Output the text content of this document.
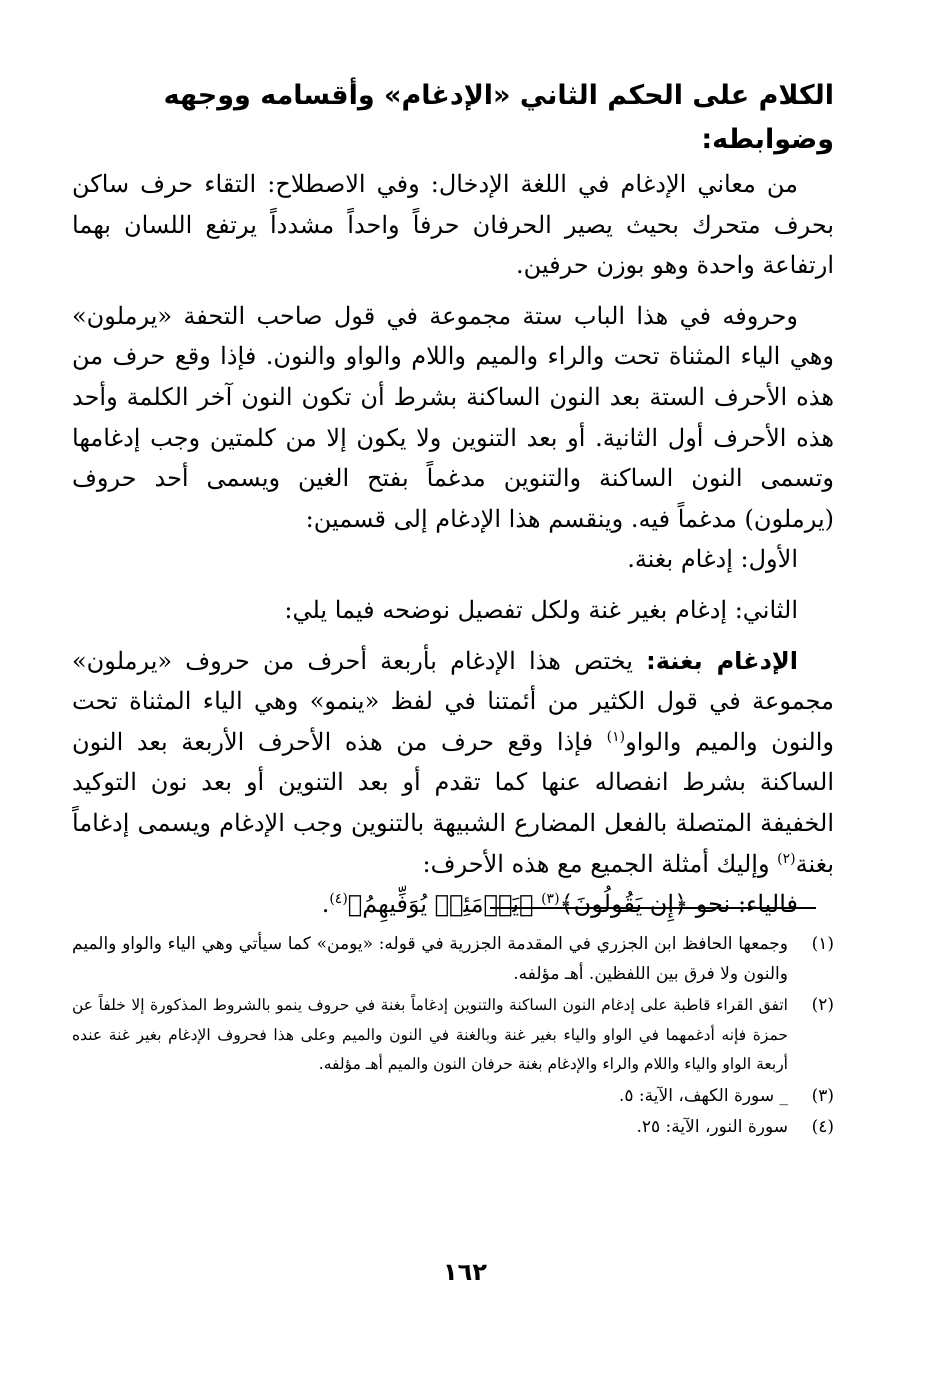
الكلام على الحكم الثاني «الإدغام» وأقسامه ووجهه وضوابطه:

من معاني الإدغام في اللغة الإدخال: وفي الاصطلاح: التقاء حرف ساكن بحرف متحرك بحيث يصير الحرفان حرفاً واحداً مشدداً يرتفع اللسان بهما ارتفاعة واحدة وهو بوزن حرفين.

وحروفه في هذا الباب ستة مجموعة في قول صاحب التحفة «يرملون» وهي الياء المثناة تحت والراء والميم واللام والواو والنون. فإذا وقع حرف من هذه الأحرف الستة بعد النون الساكنة بشرط أن تكون النون آخر الكلمة وأحد هذه الأحرف أول الثانية. أو بعد التنوين ولا يكون إلا من كلمتين وجب إدغامها وتسمى النون الساكنة والتنوين مدغماً بفتح الغين ويسمى أحد حروف (يرملون) مدغماً فيه. وينقسم هذا الإدغام إلى قسمين:

الأول: إدغام بغنة.

الثاني: إدغام بغير غنة ولكل تفصيل نوضحه فيما يلي:

الإدغام بغنة: يختص هذا الإدغام بأربعة أحرف من حروف «يرملون» مجموعة في قول الكثير من أئمتنا في لفظ «ينمو» وهي الياء المثناة تحت والنون والميم والواو$^{(١)}$ فإذا وقع حرف من هذه الأحرف الأربعة بعد النون الساكنة بشرط انفصاله عنها كما تقدم أو بعد التنوين أو بعد نون التوكيد الخفيفة المتصلة بالفعل المضارع الشبيهة بالتنوين وجب الإدغام ويسمى إدغاماً بغنة$^{(٢)}$ وإليك أمثلة الجميع مع هذه الأحرف:

فالياء: نحو ﴿إِن يَقُولُونَ﴾$^{(٣)}$ ﴿يَوۡمَئِذٖ يُوَفِّيهِمُ﴾$^{(٤)}$.

(١)
وجمعها الحافظ ابن الجزري في المقدمة الجزرية في قوله: «يومن» كما سيأتي وهي الياء والواو والميم والنون ولا فرق بين اللفظين. أهـ مؤلفه.
(٢)
اتفق القراء قاطبة على إدغام النون الساكنة والتنوين إدغاماً بغنة في حروف ينمو بالشروط المذكورة إلا خلفاً عن حمزة فإنه أدغمهما في الواو والياء بغير غنة وبالغنة في النون والميم وعلى هذا فحروف الإدغام بغير غنة عنده أربعة الواو والياء واللام والراء والإدغام بغنة حرفان النون والميم أهـ مؤلفه.
(٣)
_ سورة الكهف، الآية: ٥.
(٤)
سورة النور، الآية: ٢٥.
١٦٢
